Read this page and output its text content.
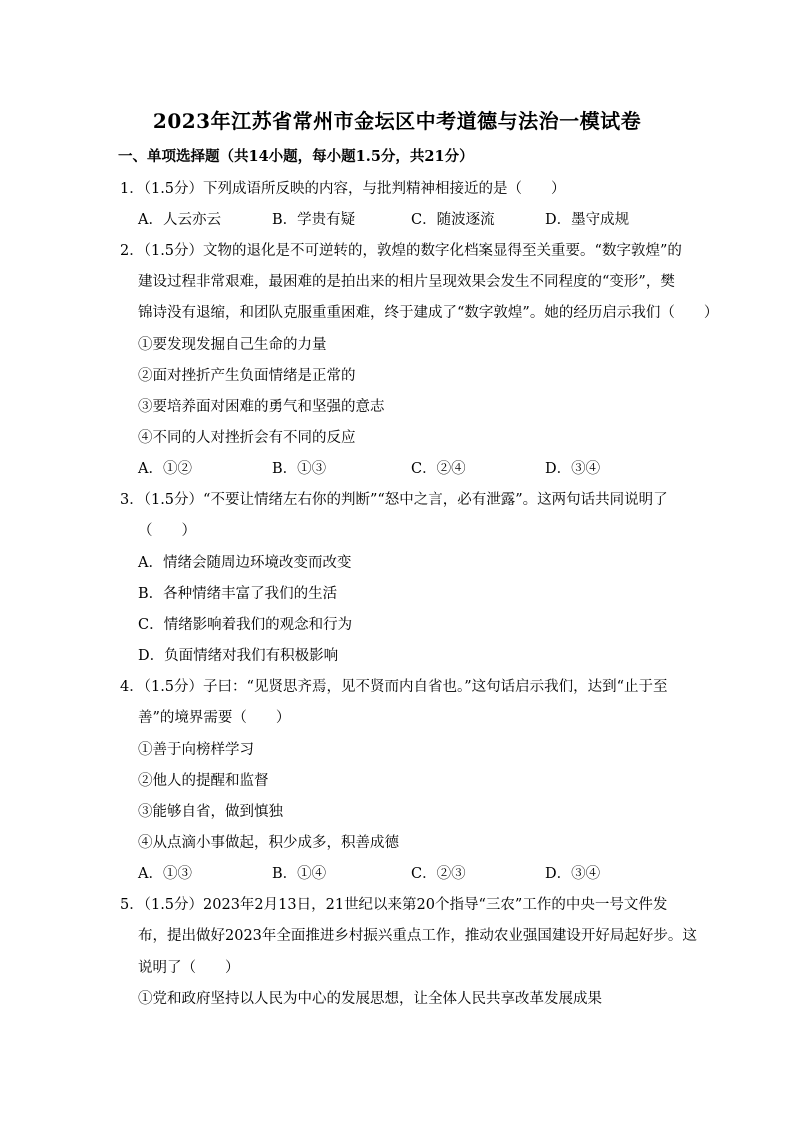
2023年江苏省常州市金坛区中考道德与法治一模试卷
一、单项选择题（共14小题，每小题1.5分，共21分）
1．（1.5分）下列成语所反映的内容，与批判精神相接近的是（　　）
A．人云亦云	B．学贵有疑	C．随波逐流	D．墨守成规
2．（1.5分）文物的退化是不可逆转的，敦煌的数字化档案显得至关重要。“数字敦煌”的
建设过程非常艰难，最困难的是拍出来的相片呈现效果会发生不同程度的“变形”，樊
锦诗没有退缩，和团队克服重重困难，终于建成了“数字敦煌”。她的经历启示我们（　　）
①要发现发掘自己生命的力量
②面对挫折产生负面情绪是正常的
③要培养面对困难的勇气和坚强的意志
④不同的人对挫折会有不同的反应
A．①②	B．①③	C．②④	D．③④
3．（1.5分）“不要让情绪左右你的判断”“怒中之言，必有泄露”。这两句话共同说明了
（　　）
A．情绪会随周边环境改变而改变
B．各种情绪丰富了我们的生活
C．情绪影响着我们的观念和行为
D．负面情绪对我们有积极影响
4．（1.5分）子曰：“见贤思齐焉，见不贤而内自省也。”这句话启示我们，达到“止于至
善”的境界需要（　　）
①善于向榜样学习
②他人的提醒和监督
③能够自省，做到慎独
④从点滴小事做起，积少成多，积善成德
A．①③	B．①④	C．②③	D．③④
5．（1.5分）2023年2月13日，21世纪以来第20个指导“三农”工作的中央一号文件发
布，提出做好2023年全面推进乡村振兴重点工作，推动农业强国建设开好局起好步。这
说明了（　　）
①党和政府坚持以人民为中心的发展思想，让全体人民共享改革发展成果
